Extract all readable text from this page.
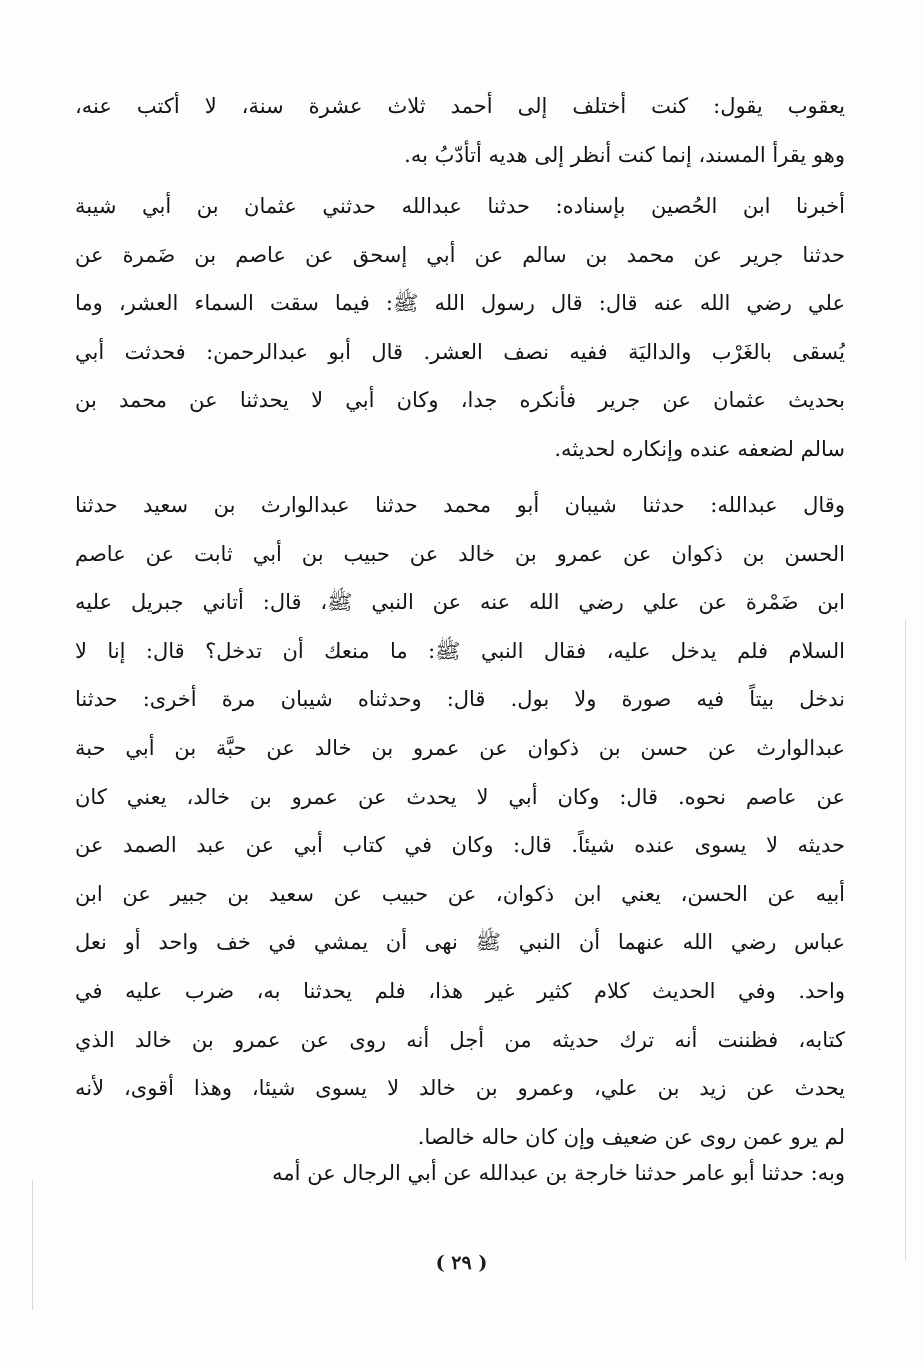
يعقوب يقول: كنت أختلف إلى أحمد ثلاث عشرة سنة، لا أكتب عنه،
وهو يقرأ المسند، إنما كنت أنظر إلى هديه أتأدّبُ به.
أخبرنا ابن الحُصين بإسناده: حدثنا عبدالله حدثني عثمان بن أبي شيبة
حدثنا جرير عن محمد بن سالم عن أبي إسحق عن عاصم بن ضَمرة عن
علي رضي الله عنه قال: قال رسول الله ﷺ: فيما سقت السماء العشر، وما
يُسقى بالغَرْب والداليَة ففيه نصف العشر. قال أبو عبدالرحمن: فحدثت أبي
بحديث عثمان عن جرير فأنكره جدا، وكان أبي لا يحدثنا عن محمد بن
سالم لضعفه عنده وإنكاره لحديثه.
وقال عبدالله: حدثنا شيبان أبو محمد حدثنا عبدالوارث بن سعيد حدثنا
الحسن بن ذكوان عن عمرو بن خالد عن حبيب بن أبي ثابت عن عاصم
ابن ضَمْرة عن علي رضي الله عنه عن النبي ﷺ، قال: أتاني جبريل عليه
السلام فلم يدخل عليه، فقال النبي ﷺ: ما منعك أن تدخل؟ قال: إنا لا
ندخل بيتاً فيه صورة ولا بول. قال: وحدثناه شيبان مرة أخرى: حدثنا
عبدالوارث عن حسن بن ذكوان عن عمرو بن خالد عن حبَّة بن أبي حبة
عن عاصم نحوه. قال: وكان أبي لا يحدث عن عمرو بن خالد، يعني كان
حديثه لا يسوى عنده شيئاً. قال: وكان في كتاب أبي عن عبد الصمد عن
أبيه عن الحسن، يعني ابن ذكوان، عن حبيب عن سعيد بن جبير عن ابن
عباس رضي الله عنهما أن النبي ﷺ نهى أن يمشي في خف واحد أو نعل
واحد. وفي الحديث كلام كثير غير هذا، فلم يحدثنا به، ضرب عليه في
كتابه، فظننت أنه ترك حديثه من أجل أنه روى عن عمرو بن خالد الذي
يحدث عن زيد بن علي، وعمرو بن خالد لا يسوى شيئا، وهذا أقوى، لأنه
لم يرو عمن روى عن ضعيف وإن كان حاله خالصا.
وبه: حدثنا أبو عامر حدثنا خارجة بن عبدالله عن أبي الرجال عن أمه
( ٢٩ )
